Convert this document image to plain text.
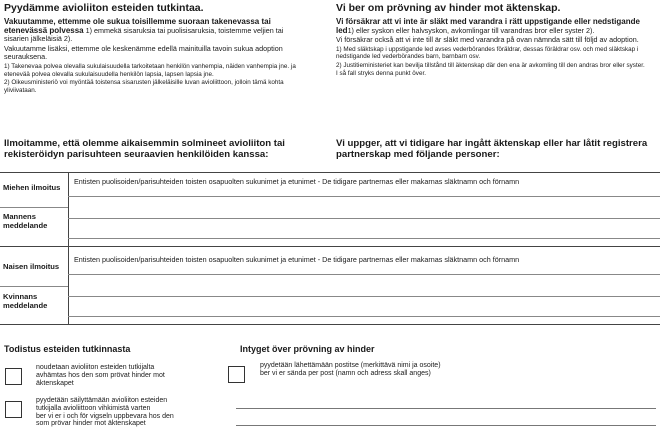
Pyydämme avioliiton esteiden tutkintaa.	Vi ber om prövning av hinder mot äktenskap.

Vakuutamme, ettemme ole sukua toisillemme suoraan takenevassa tai etenevässä polvessa 1) emmekä sisaruksia tai puolisisaruksia, toistemme veljien tai sisarien jälkeläisiä 2).

Vakuutamme lisäksi, ettemme ole keskenämme edellä mainituilla tavoin sukua adoption seurauksena.

1) Takenevaa polvea olevalla sukulaisuudella tarkoitetaan henkilön vanhempia, näiden vanhempia jne. ja etenevää polvea olevalla sukulaisuudella henkilön lapsia, lapsen lapsia jne.

2) Oikeusministeriö voi myöntää toistensa sisarusten jälkeläisille luvan avioliittoon, jolloin tämä kohta yliviivataan.

Vi försäkrar att vi inte är släkt med varandra i rätt uppstigande eller nedstigande led1) eller syskon eller halvsyskon, avkomlingar till varandras bror eller syster 2).

Vi försäkrar också att vi inte till är släkt med varandra på ovan nämnda sätt till följd av adoption.

1) Med släktskap i uppstigande led avses vederbörandes föräldrar, dessas föräldrar osv. och med släktskap i nedstigande led vederbörandes barn, barnbarn osv.

2) Justitieministeriet kan bevilja tillstånd till äktenskap där den ena är avkomling till den andras bror eller syster. I så fall stryks denna punkt över.

Ilmoitamme, että olemme aikaisemmin solmineet avioliiton tai rekisteröidyn parisuhteen seuraavien henkilöiden kanssa:
Vi uppger, att vi tidigare har ingått äktenskap eller har låtit registrera partnerskap med följande personer:
Entisten puolisoiden/parisuhteiden toisten osapuolten sukunimet ja etunimet - De tidigare partnernas eller makarnas släktnamn och förnamn
Miehen ilmoitus
Mannens meddelande
Entisten puolisoiden/parisuhteiden toisten osapuolten sukunimet ja etunimet - De tidigare partnernas eller makarnas släktnamn och förnamn
Naisen ilmoitus
Kvinnans meddelande
Todistus esteiden tutkinnasta	Intyget över prövning av hinder
noudetaan avioliiton esteiden tutkijalta
avhämtas hos den som prövat hinder mot
äktenskapet
pyydetään säilyttämään avioliiton esteiden
tutkijalla avioliittoon vihkimistä varten
ber vi er i och för vigseln uppbevara hos den
som prövar hinder mot äktenskapet
pyydetään lähettämään postitse (merkittävä nimi ja osoite)
ber vi er sända per post (namn och adress skall anges)
